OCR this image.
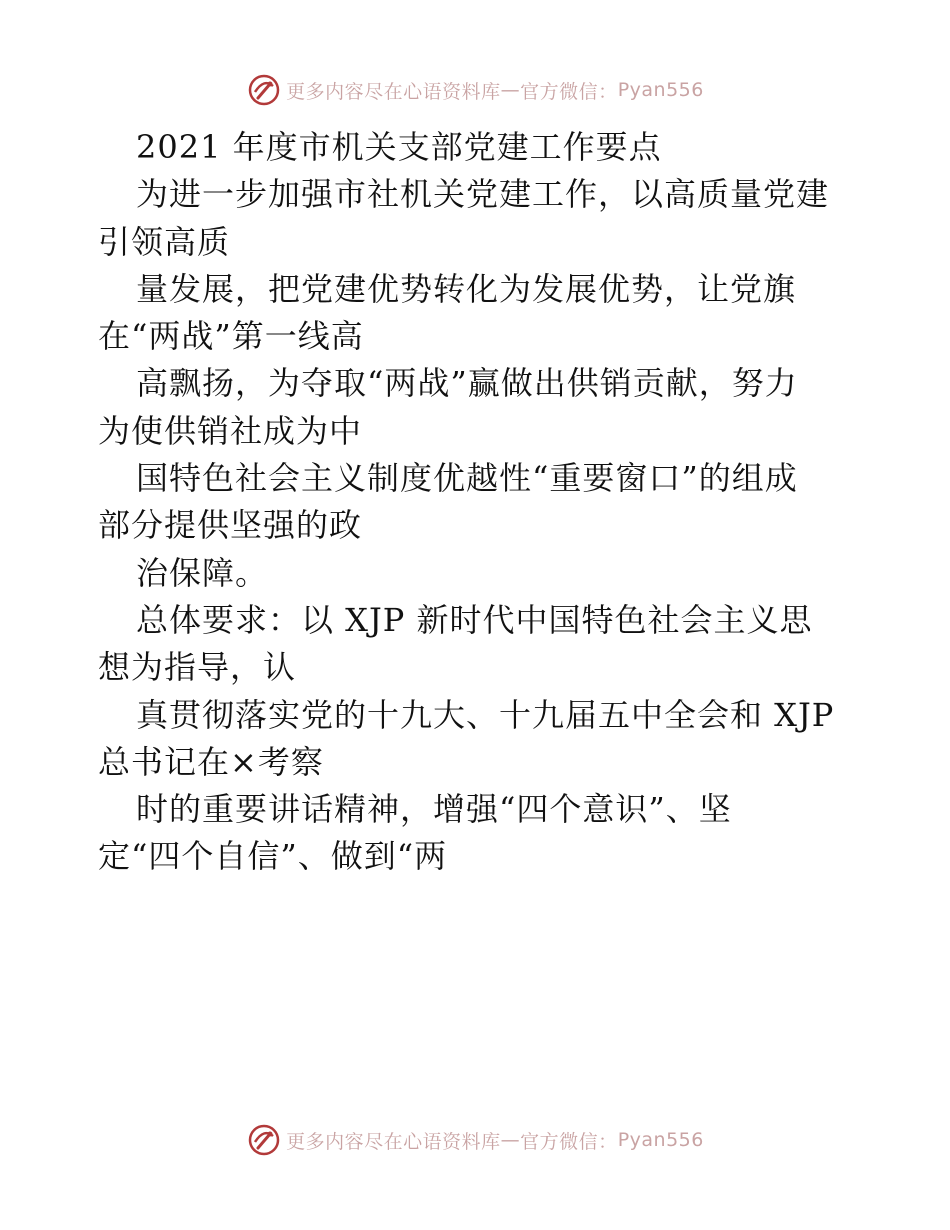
更多内容尽在心语资料库 — 官方微信： Pyan556
2021 年度市机关支部党建工作要点
为进一步加强市社机关党建工作，以高质量党建
引领高质
量发展，把党建优势转化为发展优势，让党旗
在“两战”第一线高
高飘扬，为夺取“两战”赢做出供销贡献，努力
为使供销社成为中
国特色社会主义制度优越性“重要窗口”的组成
部分提供坚强的政
治保障。
总体要求：以 XJP 新时代中国特色社会主义思
想为指导，认
真贯彻落实党的十九大、十九届五中全会和 XJP
总书记在×考察
时的重要讲话精神，增强“四个意识”、坚
定“四个自信”、做到“两
更多内容尽在心语资料库 — 官方微信： Pyan556
